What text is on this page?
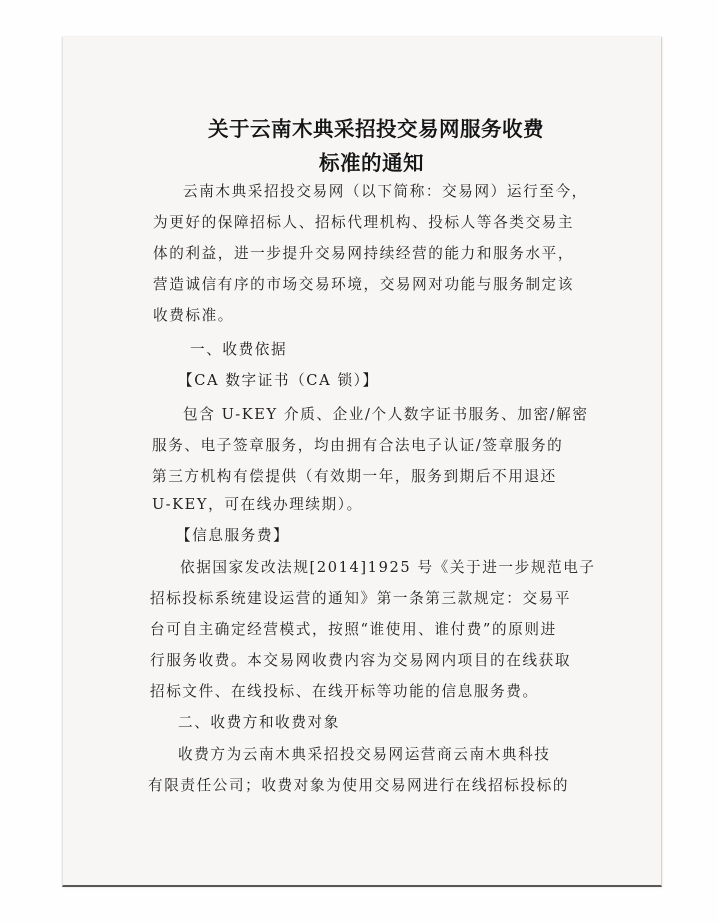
关于云南木典采招投交易网服务收费
标准的通知
云南木典采招投交易网（以下简称：交易网）运行至今，
为更好的保障招标人、招标代理机构、投标人等各类交易主
体的利益，进一步提升交易网持续经营的能力和服务水平，
营造诚信有序的市场交易环境，交易网对功能与服务制定该
收费标准。
一、收费依据
【CA 数字证书（CA 锁）】
包含 U-KEY 介质、企业/个人数字证书服务、加密/解密
服务、电子签章服务，均由拥有合法电子认证/签章服务的
第三方机构有偿提供（有效期一年，服务到期后不用退还
U-KEY，可在线办理续期）。
【信息服务费】
依据国家发改法规[2014]1925 号《关于进一步规范电子
招标投标系统建设运营的通知》第一条第三款规定：交易平
台可自主确定经营模式，按照“谁使用、谁付费”的原则进
行服务收费。本交易网收费内容为交易网内项目的在线获取
招标文件、在线投标、在线开标等功能的信息服务费。
二、收费方和收费对象
收费方为云南木典采招投交易网运营商云南木典科技
有限责任公司；收费对象为使用交易网进行在线招标投标的
